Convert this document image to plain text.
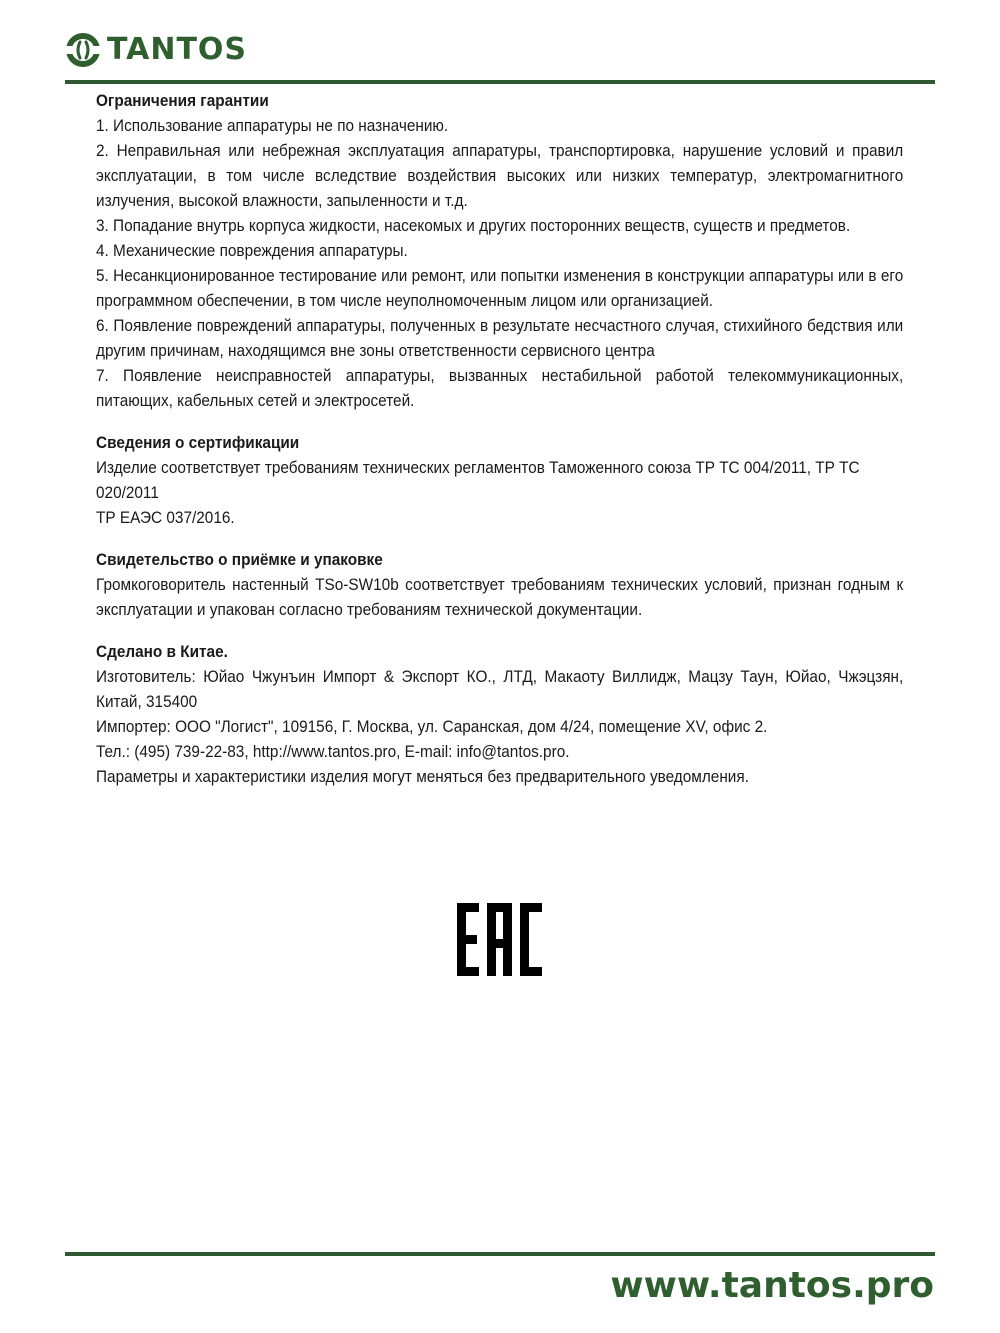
TANTOS

Ограничения гарантии

1. Использование аппаратуры не по назначению.

2. Неправильная или небрежная эксплуатация аппаратуры, транспортировка, нарушение условий и правил эксплуатации, в том числе вследствие воздействия высоких или низких температур, электромагнитного излучения, высокой влажности, запыленности и т.д.

3. Попадание внутрь корпуса жидкости, насекомых и других посторонних веществ, существ и предметов.

4. Механические повреждения аппаратуры.

5. Несанкционированное тестирование или ремонт, или попытки изменения в конструкции аппаратуры или в его программном обеспечении, в том числе неуполномоченным лицом или организацией.

6. Появление повреждений аппаратуры, полученных в результате несчастного случая, стихийного бедствия или другим причинам, находящимся вне зоны ответственности сервисного центра

7. Появление неисправностей аппаратуры, вызванных нестабильной работой телекоммуникационных, питающих, кабельных сетей и электросетей.

Сведения о сертификации

Изделие соответствует требованиям технических регламентов Таможенного союза ТР ТС 004/2011, ТР ТС 020/2011

ТР ЕАЭС 037/2016.

Свидетельство о приёмке и упаковке

Громкоговоритель настенный TSo-SW10b соответствует требованиям технических условий, признан годным к эксплуатации и упакован согласно требованиям технической документации.

Сделано в Китае.

Изготовитель: Юйао Чжунъин Импорт & Экспорт КО., ЛТД, Макаоту Виллидж, Мацзу Таун, Юйао, Чжэцзян, Китай, 315400

Импортер: ООО "Логист", 109156, Г. Москва, ул. Саранская, дом 4/24, помещение XV, офис 2.

Тел.: (495) 739-22-83, http://www.tantos.pro, E-mail: info@tantos.pro.

Параметры и характеристики изделия могут меняться без предварительного уведомления.

www.tantos.pro
